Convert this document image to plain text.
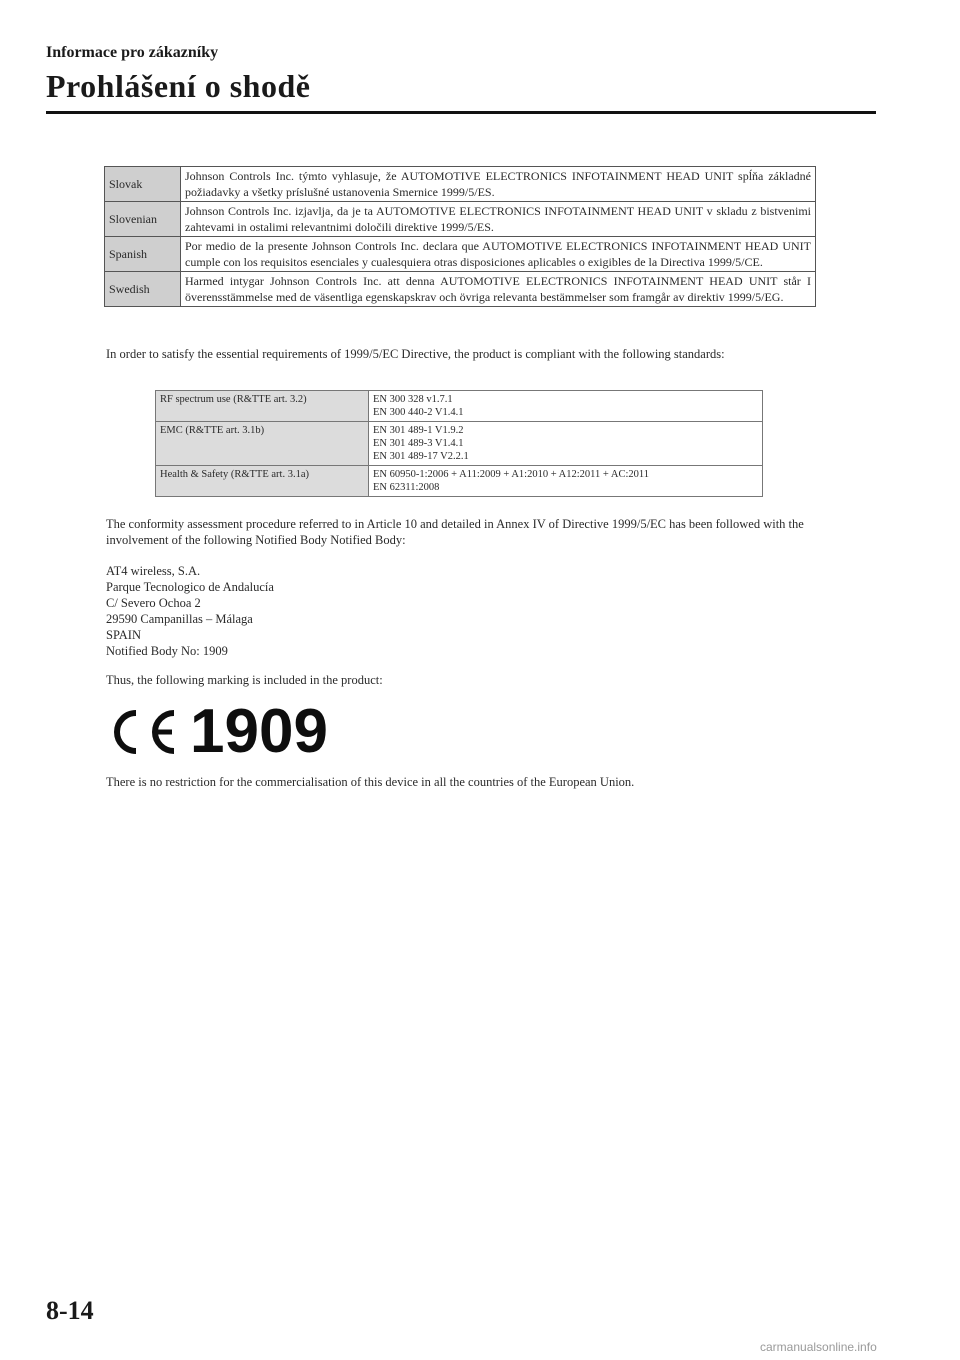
Informace pro zákazníky
Prohlášení o shodě
Slovak	Johnson Controls Inc. týmto vyhlasuje, že AUTOMOTIVE ELECTRONICS INFOTAINMENT HEAD UNIT spĺňa základné požiadavky a všetky príslušné ustanovenia Smernice 1999/5/ES.
Slovenian	Johnson Controls Inc. izjavlja, da je ta AUTOMOTIVE ELECTRONICS INFOTAINMENT HEAD UNIT v skladu z bistvenimi zahtevami in ostalimi relevantnimi določili direktive 1999/5/ES.
Spanish	Por medio de la presente Johnson Controls Inc. declara que AUTOMOTIVE ELECTRONICS INFOTAINMENT HEAD UNIT cumple con los requisitos esenciales y cualesquiera otras disposiciones aplicables o exigibles de la Directiva 1999/5/CE.
Swedish	Harmed intygar Johnson Controls Inc. att denna AUTOMOTIVE ELECTRONICS INFOTAINMENT HEAD UNIT står I överensstämmelse med de väsentliga egenskapskrav och övriga relevanta bestämmelser som framgår av direktiv 1999/5/EG.
In order to satisfy the essential requirements of 1999/5/EC Directive, the product is compliant with the following standards:
RF spectrum use (R&TTE art. 3.2)	EN 300 328 v1.7.1
EN 300 440-2 V1.4.1

EMC (R&TTE art. 3.1b)	EN 301 489-1 V1.9.2
EN 301 489-3 V1.4.1
EN 301 489-17 V2.2.1

Health & Safety (R&TTE art. 3.1a)	EN 60950-1:2006 + A11:2009 + A1:2010 + A12:2011 + AC:2011
EN 62311:2008
The conformity assessment procedure referred to in Article 10 and detailed in Annex IV of Directive 1999/5/EC has been followed with the involvement of the following Notified Body Notified Body:
AT4 wireless, S.A.
Parque Tecnologico de Andalucía
C/ Severo Ochoa 2
29590 Campanillas – Málaga
SPAIN
Notified Body No: 1909
Thus, the following marking is included in the product:
1909
There is no restriction for the commercialisation of this device in all the countries of the European Union.
8-14
carmanualsonline.info
